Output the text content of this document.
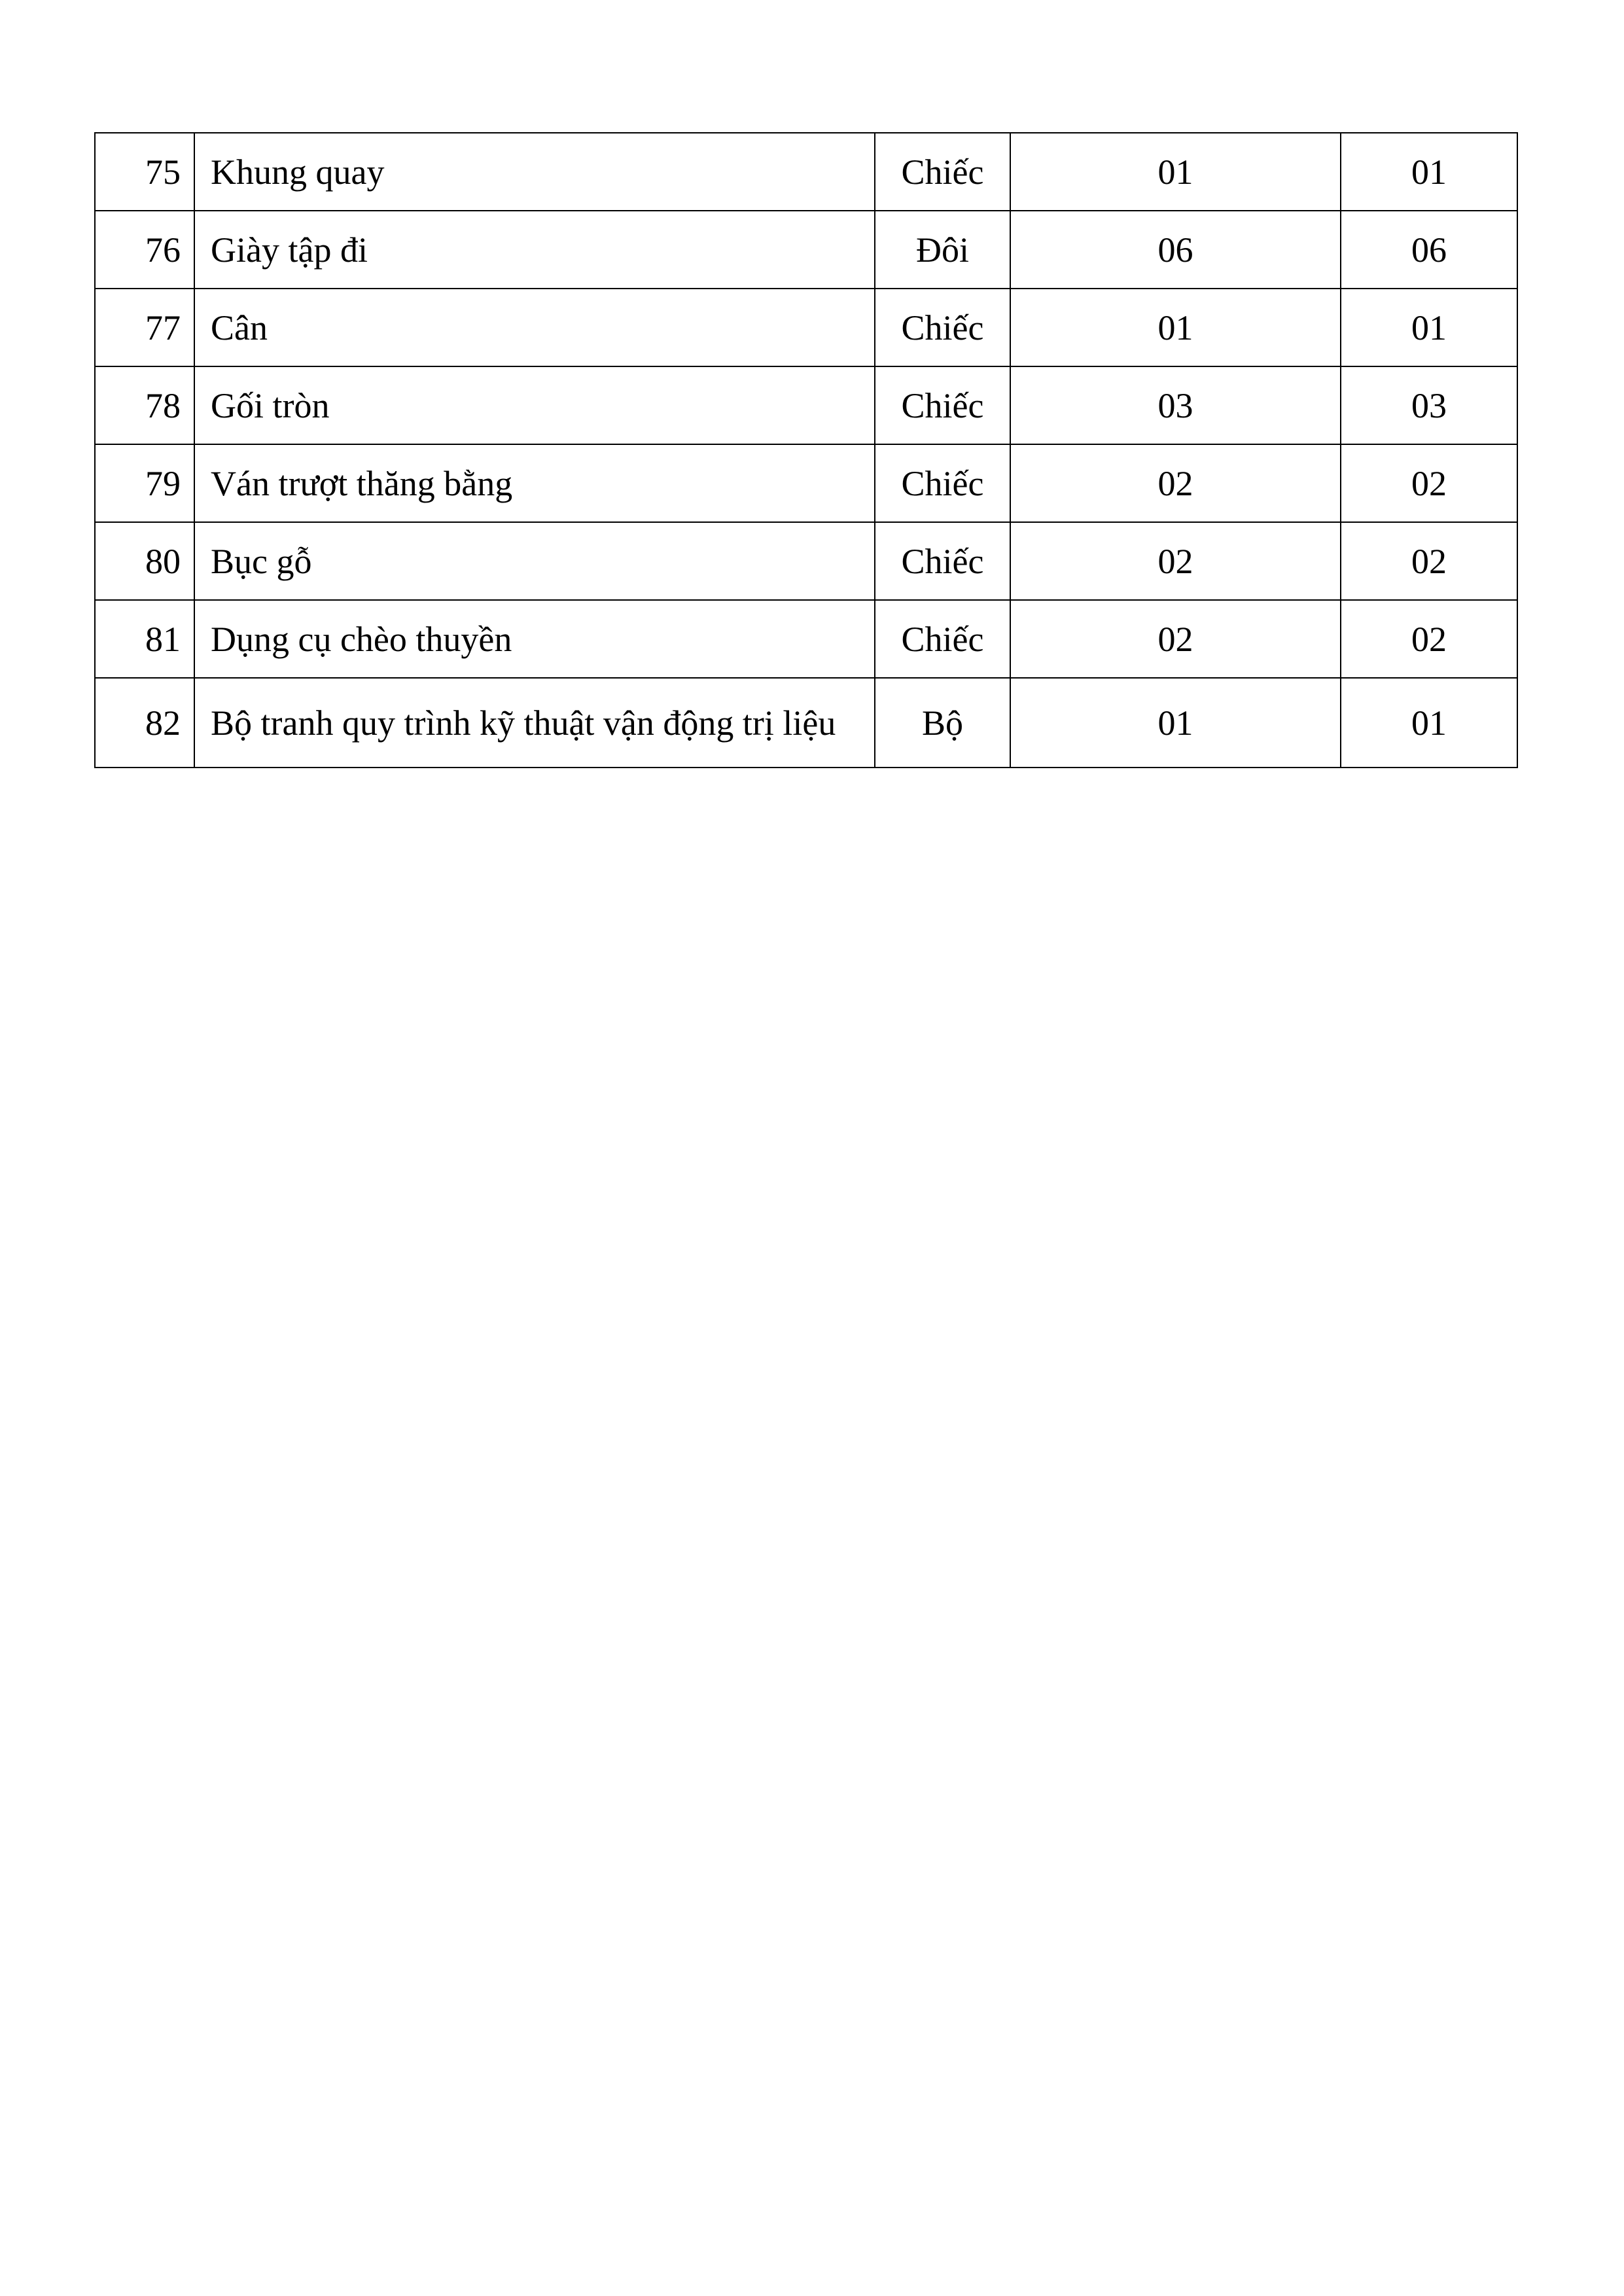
75	Khung quay	Chiếc	01	01
76	Giày tập đi	Đôi	06	06
77	Cân	Chiếc	01	01
78	Gối tròn	Chiếc	03	03
79	Ván trượt thăng bằng	Chiếc	02	02
80	Bục gỗ	Chiếc	02	02
81	Dụng cụ chèo thuyền	Chiếc	02	02
82	Bộ tranh quy trình kỹ thuật vận động trị liệu	Bộ	01	01
